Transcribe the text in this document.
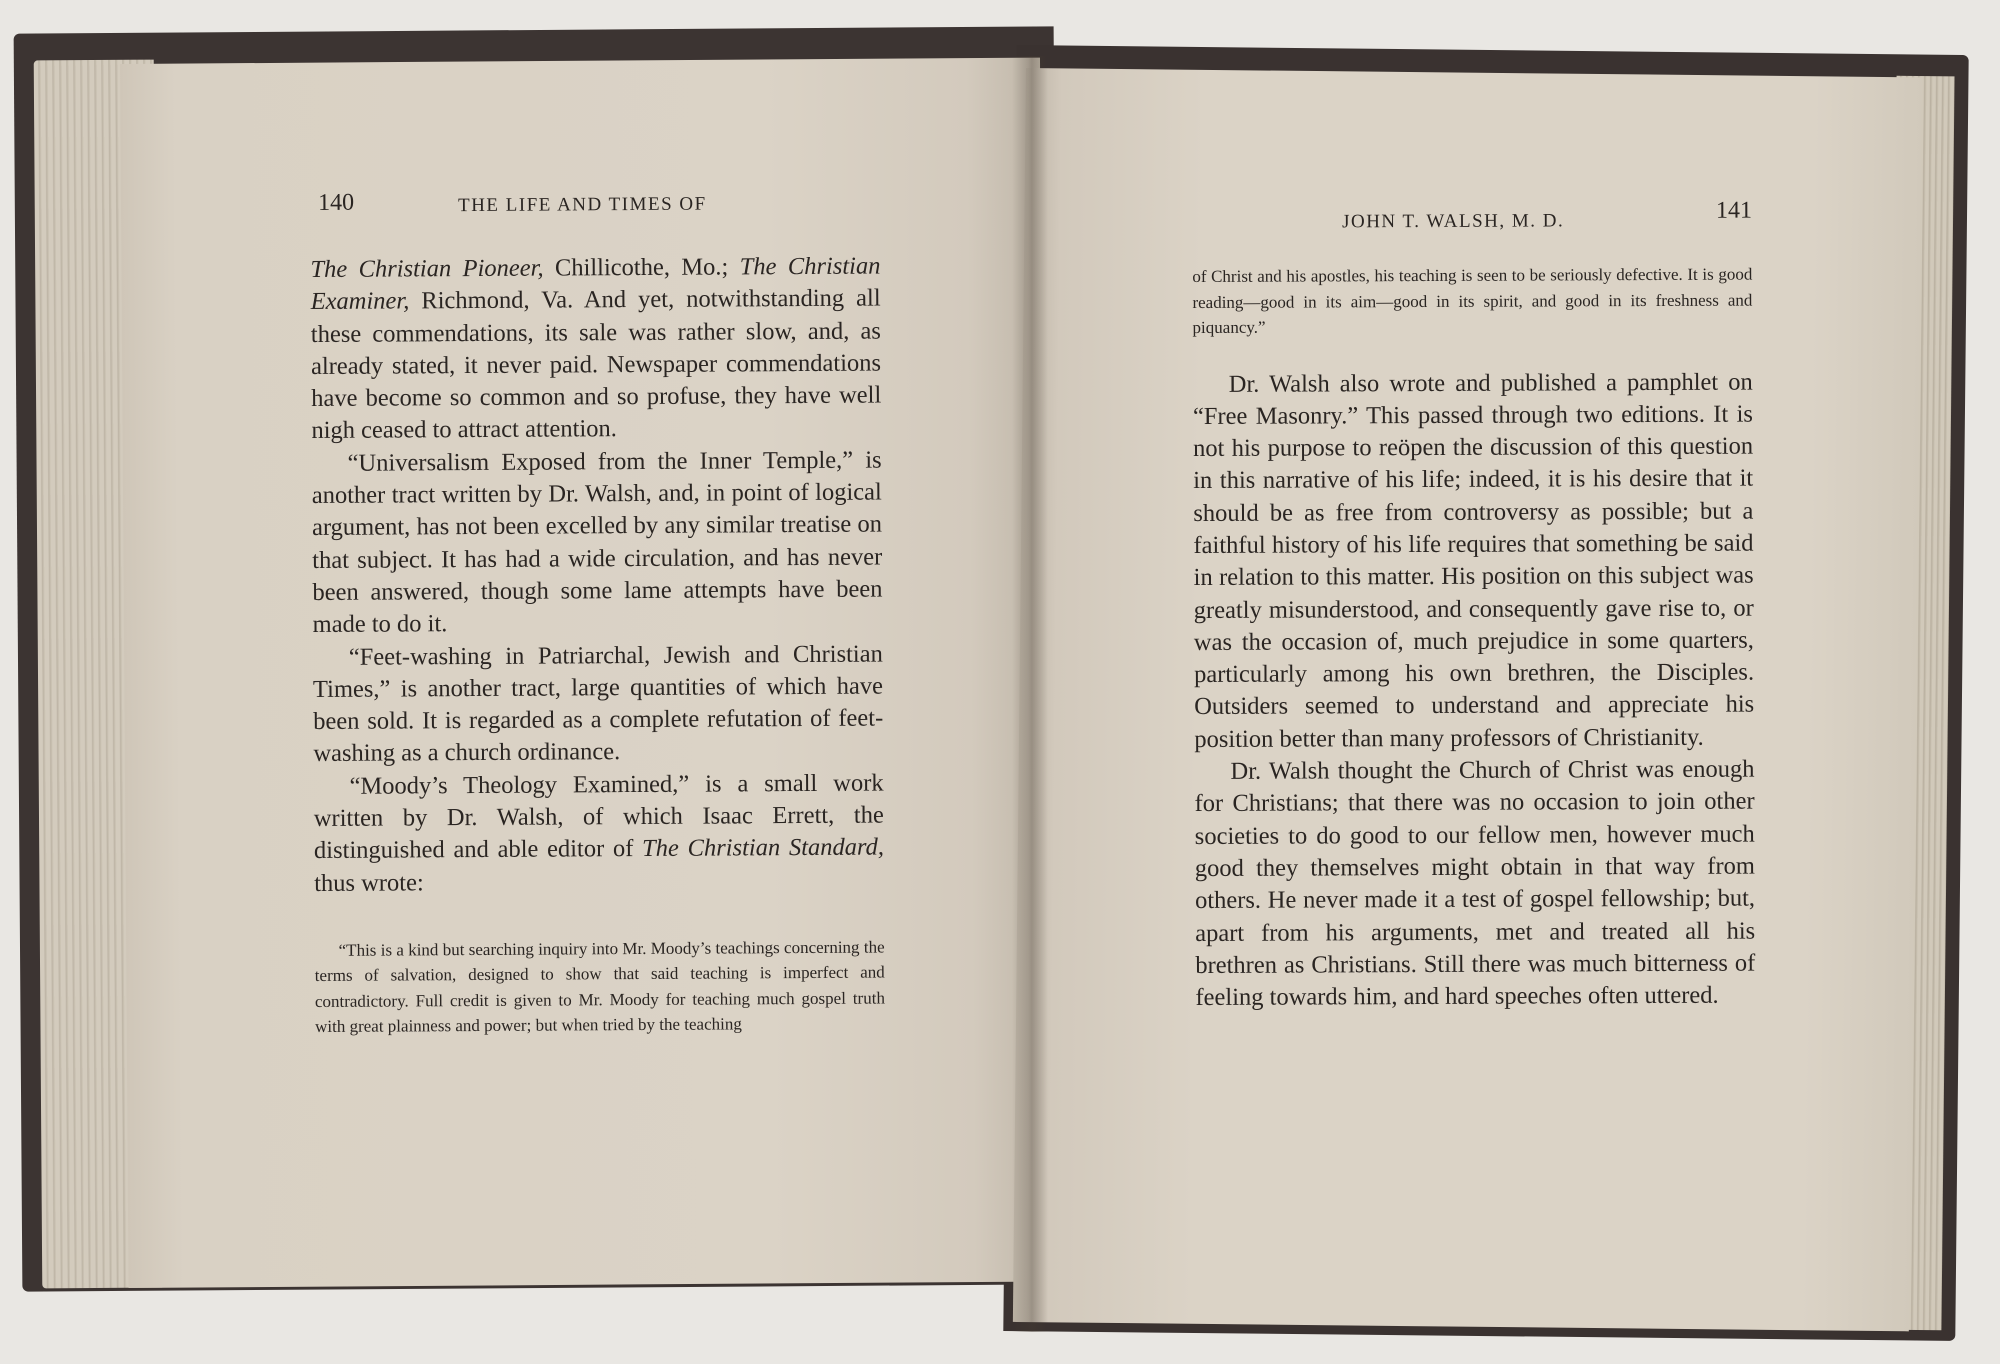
140	THE LIFE AND TIMES OF

The Christian Pioneer, Chillicothe, Mo.; The Christian Examiner, Richmond, Va. And yet, notwithstanding all these commendations, its sale was rather slow, and, as already stated, it never paid. Newspaper commendations have become so common and so profuse, they have well nigh ceased to attract attention.

“Universalism Exposed from the Inner Temple,” is another tract written by Dr. Walsh, and, in point of logical argument, has not been excelled by any similar treatise on that subject. It has had a wide circulation, and has never been answered, though some lame attempts have been made to do it.

“Feet-washing in Patriarchal, Jewish and Christian Times,” is another tract, large quantities of which have been sold. It is regarded as a complete refutation of feet-washing as a church ordinance.

“Moody’s Theology Examined,” is a small work written by Dr. Walsh, of which Isaac Errett, the distinguished and able editor of The Christian Standard, thus wrote:

“This is a kind but searching inquiry into Mr. Moody’s teachings concerning the terms of salvation, designed to show that said teaching is imperfect and contradictory. Full credit is given to Mr. Moody for teaching much gospel truth with great plainness and power; but when tried by the teaching

JOHN T. WALSH, M. D.	141

of Christ and his apostles, his teaching is seen to be seriously defective. It is good reading—good in its aim—good in its spirit, and good in its freshness and piquancy.”

Dr. Walsh also wrote and published a pamphlet on “Free Masonry.” This passed through two editions. It is not his purpose to reöpen the discussion of this question in this narrative of his life; indeed, it is his desire that it should be as free from controversy as possible; but a faithful history of his life requires that something be said in relation to this matter. His position on this subject was greatly misunderstood, and consequently gave rise to, or was the occasion of, much prejudice in some quarters, particularly among his own brethren, the Disciples. Outsiders seemed to understand and appreciate his position better than many professors of Christianity.

Dr. Walsh thought the Church of Christ was enough for Christians; that there was no occasion to join other societies to do good to our fellow men, however much good they themselves might obtain in that way from others. He never made it a test of gospel fellowship; but, apart from his arguments, met and treated all his brethren as Christians. Still there was much bitterness of feeling towards him, and hard speeches often uttered.
